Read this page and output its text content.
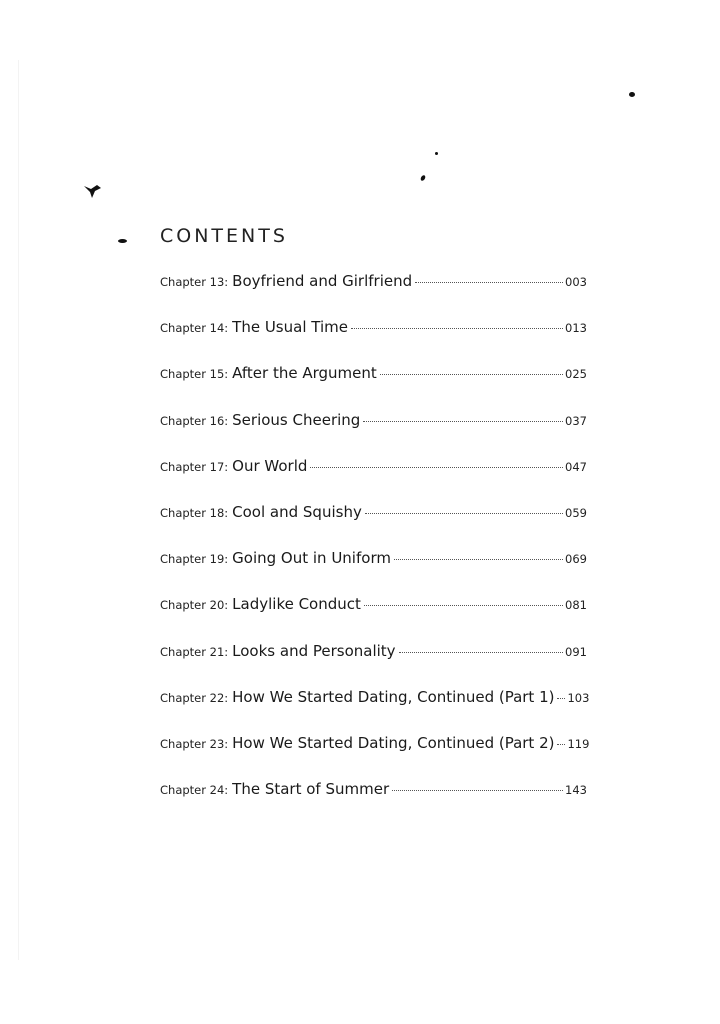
CONTENTS
Chapter 13 : Boyfriend and Girlfriend	003
Chapter 14 : The Usual Time	013
Chapter 15 : After the Argument	025
Chapter 16 : Serious Cheering	037
Chapter 17 : Our World	047
Chapter 18 : Cool and Squishy	059
Chapter 19 : Going Out in Uniform	069
Chapter 20 : Ladylike Conduct	081
Chapter 21 : Looks and Personality	091
Chapter 22 : How We Started Dating, Continued (Part 1) 103
Chapter 23 : How We Started Dating, Continued (Part 2) 119
Chapter 24 : The Start of Summer	143
